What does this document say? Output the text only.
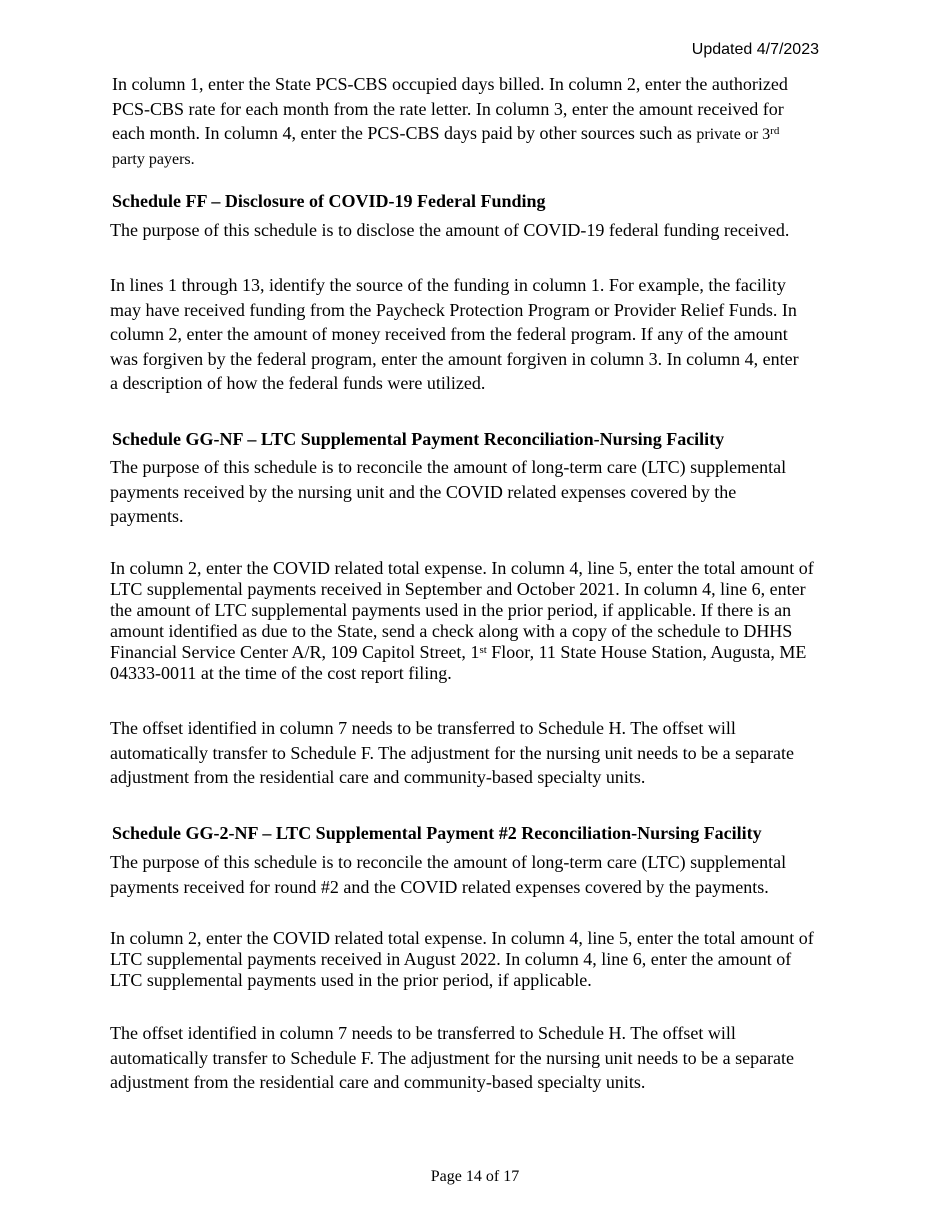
Updated 4/7/2023
In column 1, enter the State PCS-CBS occupied days billed. In column 2, enter the authorized
PCS-CBS rate for each month from the rate letter. In column 3, enter the amount received for
each month. In column 4, enter the PCS-CBS days paid by other sources such as private or 3rd
party payers.
Schedule FF – Disclosure of COVID-19 Federal Funding
The purpose of this schedule is to disclose the amount of COVID-19 federal funding received.
In lines 1 through 13, identify the source of the funding in column 1. For example, the facility
may have received funding from the Paycheck Protection Program or Provider Relief Funds. In
column 2, enter the amount of money received from the federal program. If any of the amount
was forgiven by the federal program, enter the amount forgiven in column 3. In column 4, enter
a description of how the federal funds were utilized.
Schedule GG-NF – LTC Supplemental Payment Reconciliation-Nursing Facility
The purpose of this schedule is to reconcile the amount of long-term care (LTC) supplemental
payments received by the nursing unit and the COVID related expenses covered by the
payments.
In column 2, enter the COVID related total expense. In column 4, line 5, enter the total amount of
LTC supplemental payments received in September and October 2021. In column 4, line 6, enter
the amount of LTC supplemental payments used in the prior period, if applicable. If there is an
amount identified as due to the State, send a check along with a copy of the schedule to DHHS
Financial Service Center A/R, 109 Capitol Street, 1st Floor, 11 State House Station, Augusta, ME
04333-0011 at the time of the cost report filing.
The offset identified in column 7 needs to be transferred to Schedule H. The offset will
automatically transfer to Schedule F. The adjustment for the nursing unit needs to be a separate
adjustment from the residential care and community-based specialty units.
Schedule GG-2-NF – LTC Supplemental Payment #2 Reconciliation-Nursing Facility
The purpose of this schedule is to reconcile the amount of long-term care (LTC) supplemental
payments received for round #2 and the COVID related expenses covered by the payments.
In column 2, enter the COVID related total expense. In column 4, line 5, enter the total amount of
LTC supplemental payments received in August 2022. In column 4, line 6, enter the amount of
LTC supplemental payments used in the prior period, if applicable.
The offset identified in column 7 needs to be transferred to Schedule H. The offset will
automatically transfer to Schedule F. The adjustment for the nursing unit needs to be a separate
adjustment from the residential care and community-based specialty units.
Page 14 of 17
